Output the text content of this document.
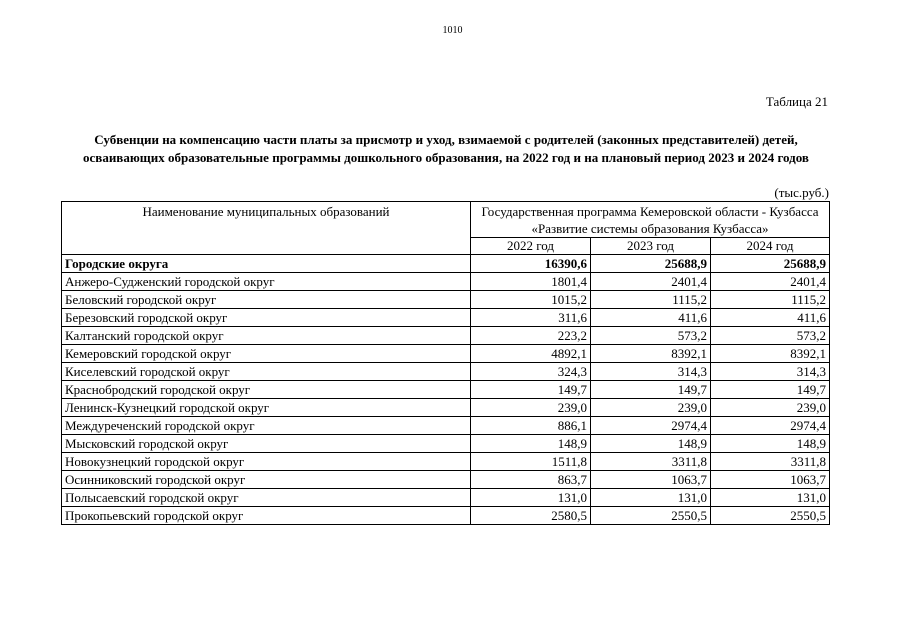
1010
Таблица 21
Субвенции на компенсацию части платы за присмотр и уход, взимаемой с родителей (законных представителей) детей, осваивающих образовательные программы дошкольного образования, на 2022 год и на плановый период 2023 и 2024 годов
(тыс.руб.)
Наименование муниципальных образований	Государственная программа Кемеровской области - Кузбасса «Развитие системы образования Кузбасса»		
	2022 год	2023 год	2024 год
Городские округа	16390,6	25688,9	25688,9
Анжеро-Судженский городской округ	1801,4	2401,4	2401,4
Беловский городской округ	1015,2	1115,2	1115,2
Березовский городской округ	311,6	411,6	411,6
Калтанский городской округ	223,2	573,2	573,2
Кемеровский городской округ	4892,1	8392,1	8392,1
Киселевский городской округ	324,3	314,3	314,3
Краснобродский городской округ	149,7	149,7	149,7
Ленинск-Кузнецкий городской округ	239,0	239,0	239,0
Междуреченский городской округ	886,1	2974,4	2974,4
Мысковский городской округ	148,9	148,9	148,9
Новокузнецкий городской округ	1511,8	3311,8	3311,8
Осинниковский городской округ	863,7	1063,7	1063,7
Полысаевский городской округ	131,0	131,0	131,0
Прокопьевский городской округ	2580,5	2550,5	2550,5
